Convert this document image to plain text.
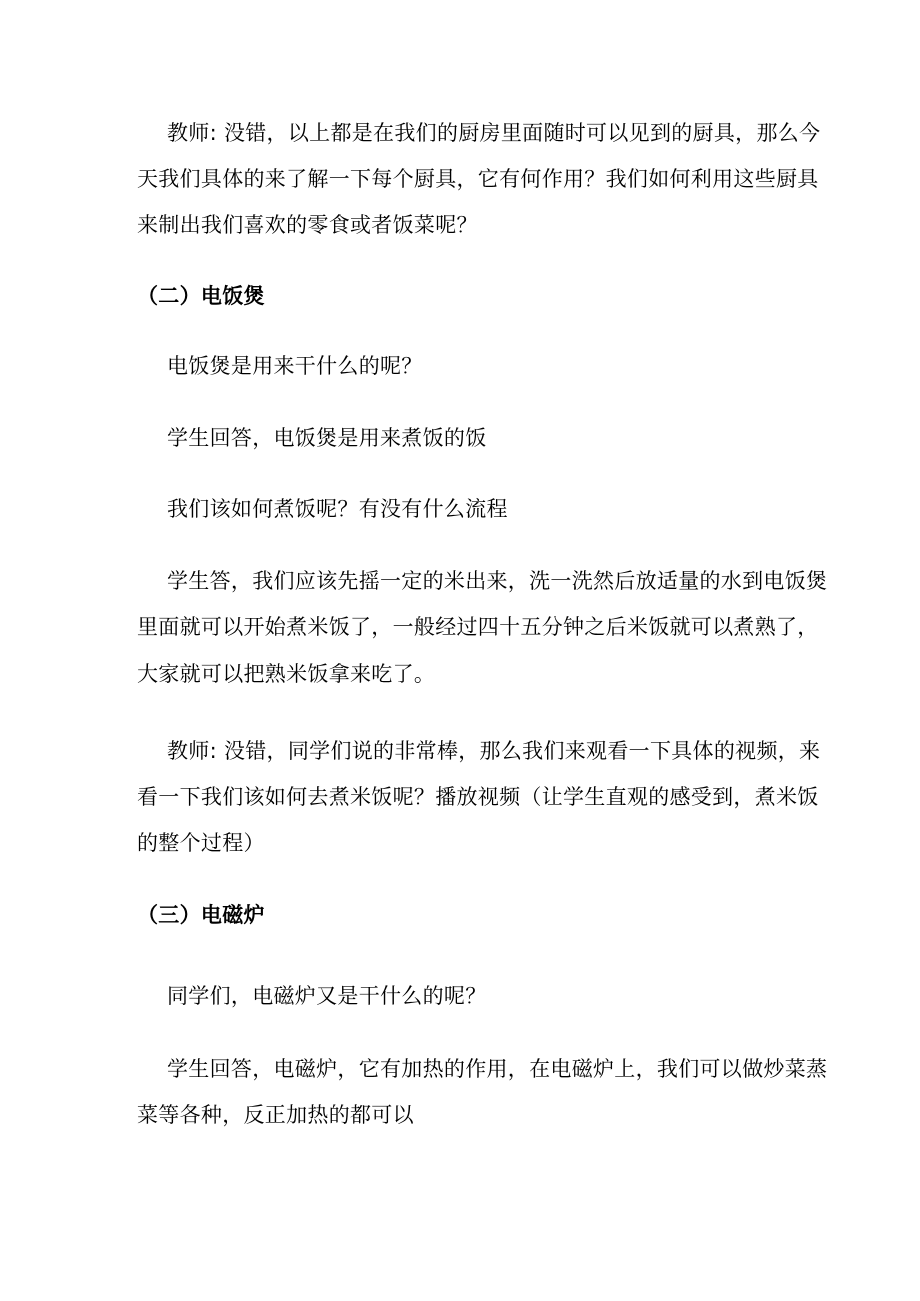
教师: 没错，以上都是在我们的厨房里面随时可以见到的厨具，那么今
天我们具体的来了解一下每个厨具，它有何作用？我们如何利用这些厨具
来制出我们喜欢的零食或者饭菜呢？
（二）电饭煲
电饭煲是用来干什么的呢？
学生回答，电饭煲是用来煮饭的饭
我们该如何煮饭呢？有没有什么流程
学生答，我们应该先摇一定的米出来，洗一洗然后放适量的水到电饭煲
里面就可以开始煮米饭了，一般经过四十五分钟之后米饭就可以煮熟了，
大家就可以把熟米饭拿来吃了。
教师: 没错，同学们说的非常棒，那么我们来观看一下具体的视频，来
看一下我们该如何去煮米饭呢？播放视频（让学生直观的感受到，煮米饭
的整个过程）
（三）电磁炉
同学们，电磁炉又是干什么的呢？
学生回答，电磁炉，它有加热的作用，在电磁炉上，我们可以做炒菜蒸
菜等各种，反正加热的都可以
